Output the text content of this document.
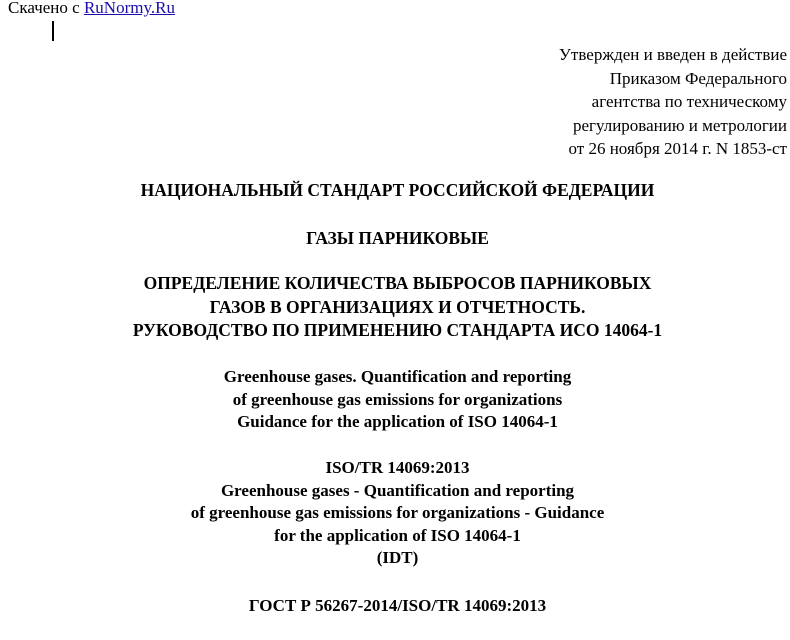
Скачено с RuNormy.Ru
Утвержден и введен в действие
Приказом Федерального
агентства по техническому
регулированию и метрологии
от 26 ноября 2014 г. N 1853-ст
НАЦИОНАЛЬНЫЙ СТАНДАРТ РОССИЙСКОЙ ФЕДЕРАЦИИ
ГАЗЫ ПАРНИКОВЫЕ
ОПРЕДЕЛЕНИЕ КОЛИЧЕСТВА ВЫБРОСОВ ПАРНИКОВЫХ
ГАЗОВ В ОРГАНИЗАЦИЯХ И ОТЧЕТНОСТЬ.
РУКОВОДСТВО ПО ПРИМЕНЕНИЮ СТАНДАРТА ИСО 14064-1
Greenhouse gases. Quantification and reporting
of greenhouse gas emissions for organizations
Guidance for the application of ISO 14064-1
ISO/TR 14069:2013
Greenhouse gases - Quantification and reporting
of greenhouse gas emissions for organizations - Guidance
for the application of ISO 14064-1
(IDT)
ГОСТ Р 56267-2014/ISO/TR 14069:2013
